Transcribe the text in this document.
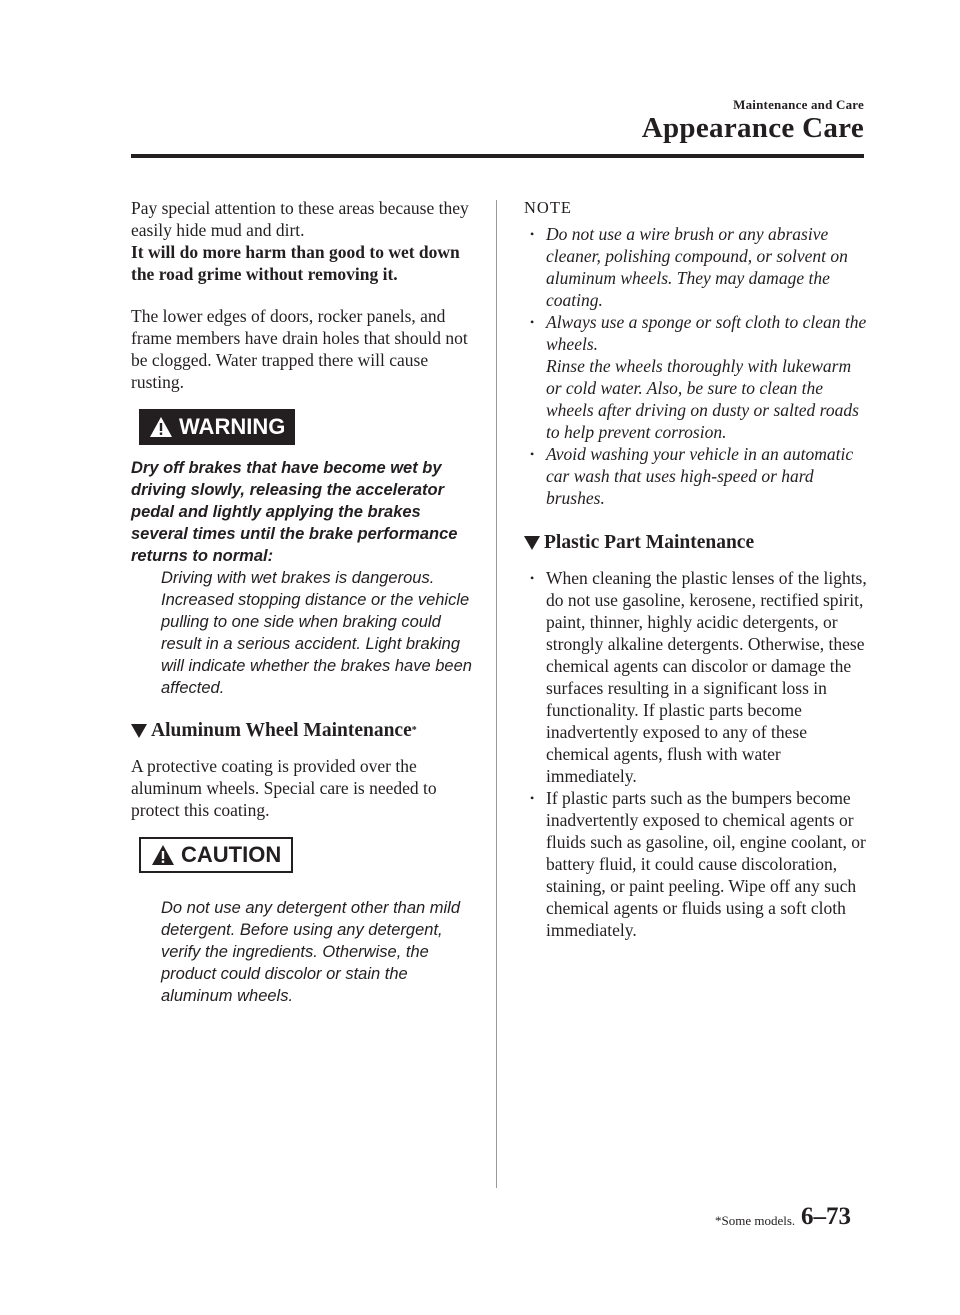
Maintenance and Care
Appearance Care

Pay special attention to these areas because they easily hide mud and dirt.

It will do more harm than good to wet down the road grime without removing it.

The lower edges of doors, rocker panels, and frame members have drain holes that should not be clogged. Water trapped there will cause rusting.

WARNING

Dry off brakes that have become wet by driving slowly, releasing the accelerator pedal and lightly applying the brakes several times until the brake performance returns to normal:

Driving with wet brakes is dangerous. Increased stopping distance or the vehicle pulling to one side when braking could result in a serious accident. Light braking will indicate whether the brakes have been affected.

Aluminum Wheel Maintenance *

A protective coating is provided over the aluminum wheels. Special care is needed to protect this coating.

CAUTION

Do not use any detergent other than mild detergent. Before using any detergent, verify the ingredients. Otherwise, the product could discolor or stain the aluminum wheels.

NOTE

• Do not use a wire brush or any abrasive cleaner, polishing compound, or solvent on aluminum wheels. They may damage the coating.
• Always use a sponge or soft cloth to clean the wheels.
Rinse the wheels thoroughly with lukewarm or cold water. Also, be sure to clean the wheels after driving on dusty or salted roads to help prevent corrosion.
• Avoid washing your vehicle in an automatic car wash that uses high-speed or hard brushes.

Plastic Part Maintenance

• When cleaning the plastic lenses of the lights, do not use gasoline, kerosene, rectified spirit, paint, thinner, highly acidic detergents, or strongly alkaline detergents. Otherwise, these chemical agents can discolor or damage the surfaces resulting in a significant loss in functionality. If plastic parts become inadvertently exposed to any of these chemical agents, flush with water immediately.
• If plastic parts such as the bumpers become inadvertently exposed to chemical agents or fluids such as gasoline, oil, engine coolant, or battery fluid, it could cause discoloration, staining, or paint peeling. Wipe off any such chemical agents or fluids using a soft cloth immediately.
*Some models. 6–73
